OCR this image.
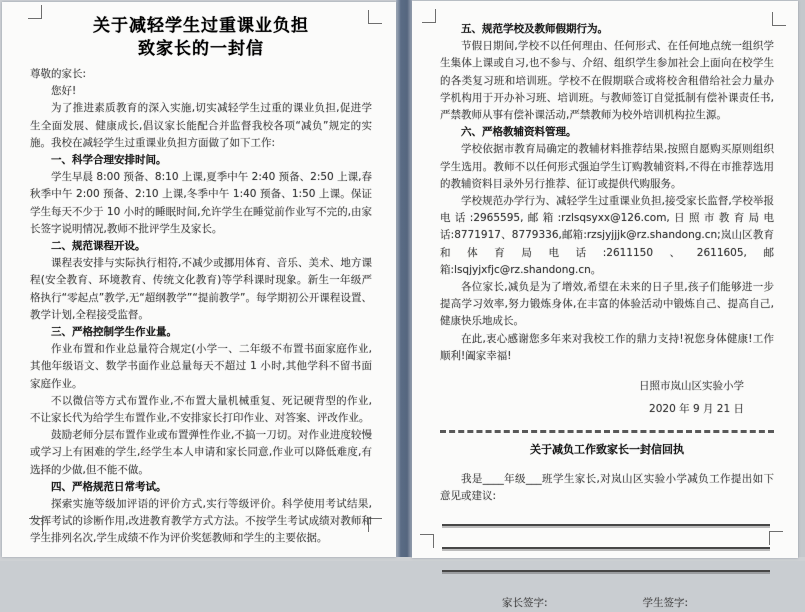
关于减轻学生过重课业负担
致家长的一封信

尊敬的家长:

您好!

为了推进素质教育的深入实施,切实减轻学生过重的课业负担,促进学生全面发展、健康成长,倡议家长能配合并监督我校各项“减负”规定的实施。我校在减轻学生过重课业负担方面做了如下工作:

一、科学合理安排时间。

学生早晨 8:00 预备、8:10 上课,夏季中午 2:40 预备、2:50 上课,春秋季中午 2:00 预备、2:10 上课,冬季中午 1:40 预备、1:50 上课。保证学生每天不少于 10 小时的睡眠时间,允许学生在睡觉前作业写不完的,由家长签字说明情况,教师不批评学生及家长。

二、规范课程开设。

课程表安排与实际执行相符,不减少或挪用体育、音乐、美术、地方课程(安全教育、环境教育、传统文化教育)等学科课时现象。新生一年级严格执行“零起点”教学,无“超纲教学”“提前教学”。每学期初公开课程设置、教学计划,全程接受监督。

三、严格控制学生作业量。

作业布置和作业总量符合规定(小学一、二年级不布置书面家庭作业,其他年级语文、数学书面作业总量每天不超过 1 小时,其他学科不留书面家庭作业。

不以微信等方式布置作业,不布置大量机械重复、死记硬背型的作业,不让家长代为给学生布置作业,不安排家长打印作业、对答案、评改作业。

鼓励老师分层布置作业或布置弹性作业,不搞一刀切。对作业进度较慢或学习上有困难的学生,经学生本人申请和家长同意,作业可以降低难度,有选择的少做,但不能不做。

四、严格规范日常考试。

探索实施等级加评语的评价方式,实行等级评价。科学使用考试结果,发挥考试的诊断作用,改进教育教学方式方法。不按学生考试成绩对教师和学生排列名次,学生成绩不作为评价奖惩教师和学生的主要依据。

五、规范学校及教师假期行为。

节假日期间,学校不以任何理由、任何形式、在任何地点统一组织学生集体上课或自习,也不参与、介绍、组织学生参加社会上面向在校学生的各类复习班和培训班。学校不在假期联合或将校舍租借给社会力量办学机构用于开办补习班、培训班。与教师签订自觉抵制有偿补课责任书,严禁教师从事有偿补课活动,严禁教师为校外培训机构拉生源。

六、严格教辅资料管理。

学校依据市教育局确定的教辅材料推荐结果,按照自愿购买原则组织学生选用。教师不以任何形式强迫学生订购教辅资料,不得在市推荐选用的教辅资料目录外另行推荐、征订或提供代购服务。

学校规范办学行为、减轻学生过重课业负担,接受家长监督,学校举报电话:2965595,邮箱:rzlsqsyxx@126.com,日照市教育局电话:8771917、8779336,邮箱:rzsjyjjjk@rz.shandong.cn;岚山区教育和体育局电话:2611150、2611605,邮箱:lsqjyjxfjc@rz.shandong.cn。

各位家长,减负是为了增效,希望在未来的日子里,孩子们能够进一步提高学习效率,努力锻炼身体,在丰富的体验活动中锻炼自己、提高自己,健康快乐地成长。

在此,衷心感谢您多年来对我校工作的鼎力支持!祝您身体健康!工作顺利!阖家幸福!

日照市岚山区实验小学
2020 年 9 月 21 日

关于减负工作致家长一封信回执

我是____年级___班学生家长,对岚山区实验小学减负工作提出如下意见或建议:

家长签字:	学生签字:
